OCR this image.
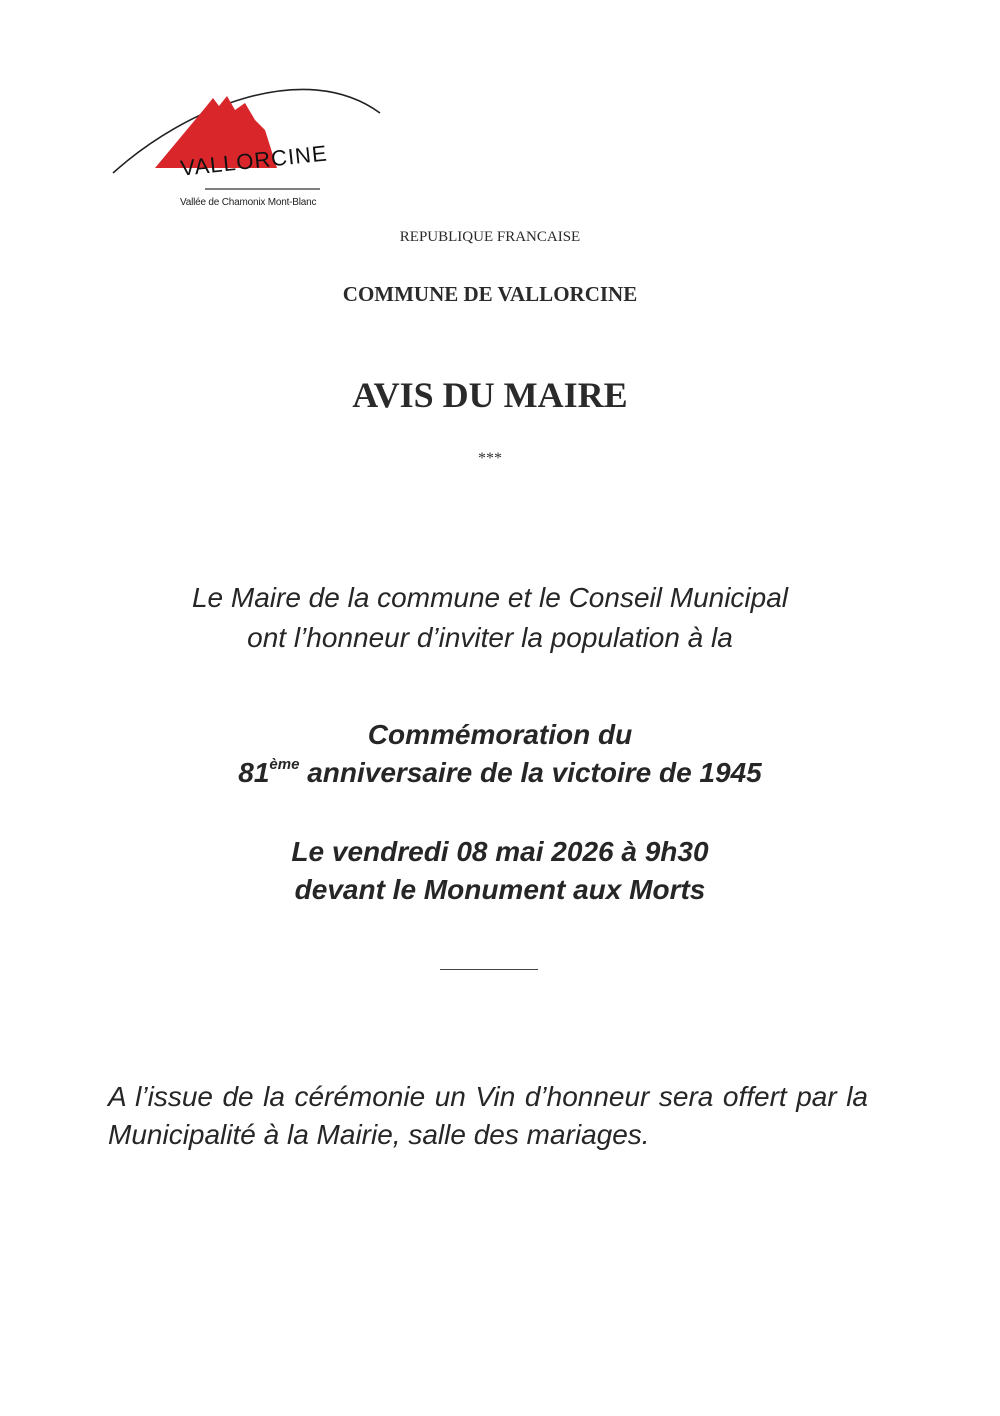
VALLORCINE
Vallée de Chamonix Mont-Blanc
REPUBLIQUE FRANCAISE
COMMUNE DE VALLORCINE
AVIS DU MAIRE
***
Le Maire de la commune et le Conseil Municipal
ont l’honneur d’inviter la population à la
Commémoration du
81ème anniversaire de la victoire de 1945
Le vendredi 08 mai 2026 à 9h30
devant le Monument aux Morts
A l’issue de la cérémonie un Vin d’honneur sera offert par la Municipalité à la Mairie, salle des mariages.
